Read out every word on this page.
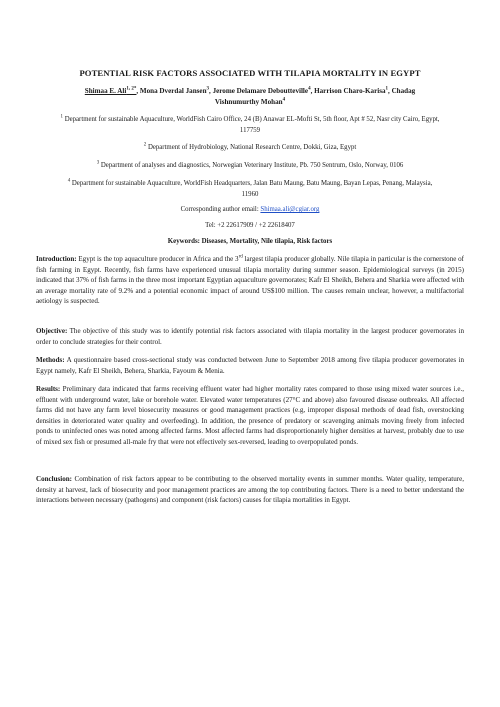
POTENTIAL RISK FACTORS ASSOCIATED WITH TILAPIA MORTALITY IN EGYPT
Shimaa E. Ali$^{1, 2*}$, Mona Dverdal Jansen$^3$, Jerome Delamare Deboutteville$^4$, Harrison Charo-Karisa$^1$, Chadag Vishnumurthy Mohan$^4$
$^1$ Department for sustainable Aquaculture, WorldFish Cairo Office, 24 (B) Anawar EL-Mofti St, 5th floor, Apt # 52, Nasr city Cairo, Egypt, 117759
$^2$ Department of Hydrobiology, National Research Centre, Dokki, Giza, Egypt
$^3$ Department of analyses and diagnostics, Norwegian Veterinary Institute, Pb. 750 Sentrum, Oslo, Norway, 0106
$^4$ Department for sustainable Aquaculture, WorldFish Headquarters, Jalan Batu Maung, Batu Maung, Bayan Lepas, Penang, Malaysia, 11960
Corresponding author email: Shimaa.ali@cgiar.org
Tel: +2 22617909 / +2 22618407
Keywords: Diseases, Mortality, Nile tilapia, Risk factors
Introduction: Egypt is the top aquaculture producer in Africa and the 3rd largest tilapia producer globally. Nile tilapia in particular is the cornerstone of fish farming in Egypt. Recently, fish farms have experienced unusual tilapia mortality during summer season. Epidemiological surveys (in 2015) indicated that 37% of fish farms in the three most important Egyptian aquaculture governorates; Kafr El Sheikh, Behera and Sharkia were affected with an average mortality rate of 9.2% and a potential economic impact of around US$100 million. The causes remain unclear, however, a multifactorial aetiology is suspected.
Objective: The objective of this study was to identify potential risk factors associated with tilapia mortality in the largest producer governorates in order to conclude strategies for their control.
Methods: A questionnaire based cross-sectional study was conducted between June to September 2018 among five tilapia producer governorates in Egypt namely, Kafr El Sheikh, Behera, Sharkia, Fayoum & Menia.
Results: Preliminary data indicated that farms receiving effluent water had higher mortality rates compared to those using mixed water sources i.e., effluent with underground water, lake or borehole water. Elevated water temperatures (27°C and above) also favoured disease outbreaks. All affected farms did not have any farm level biosecurity measures or good management practices (e.g, improper disposal methods of dead fish, overstocking densities in deteriorated water quality and overfeeding). In addition, the presence of predatory or scavenging animals moving freely from infected ponds to uninfected ones was noted among affected farms. Most affected farms had disproportionately higher densities at harvest, probably due to use of mixed sex fish or presumed all-male fry that were not effectively sex-reversed, leading to overpopulated ponds.
Conclusion: Combination of risk factors appear to be contributing to the observed mortality events in summer months. Water quality, temperature, density at harvest, lack of biosecurity and poor management practices are among the top contributing factors. There is a need to better understand the interactions between necessary (pathogens) and component (risk factors) causes for tilapia mortalities in Egypt.
